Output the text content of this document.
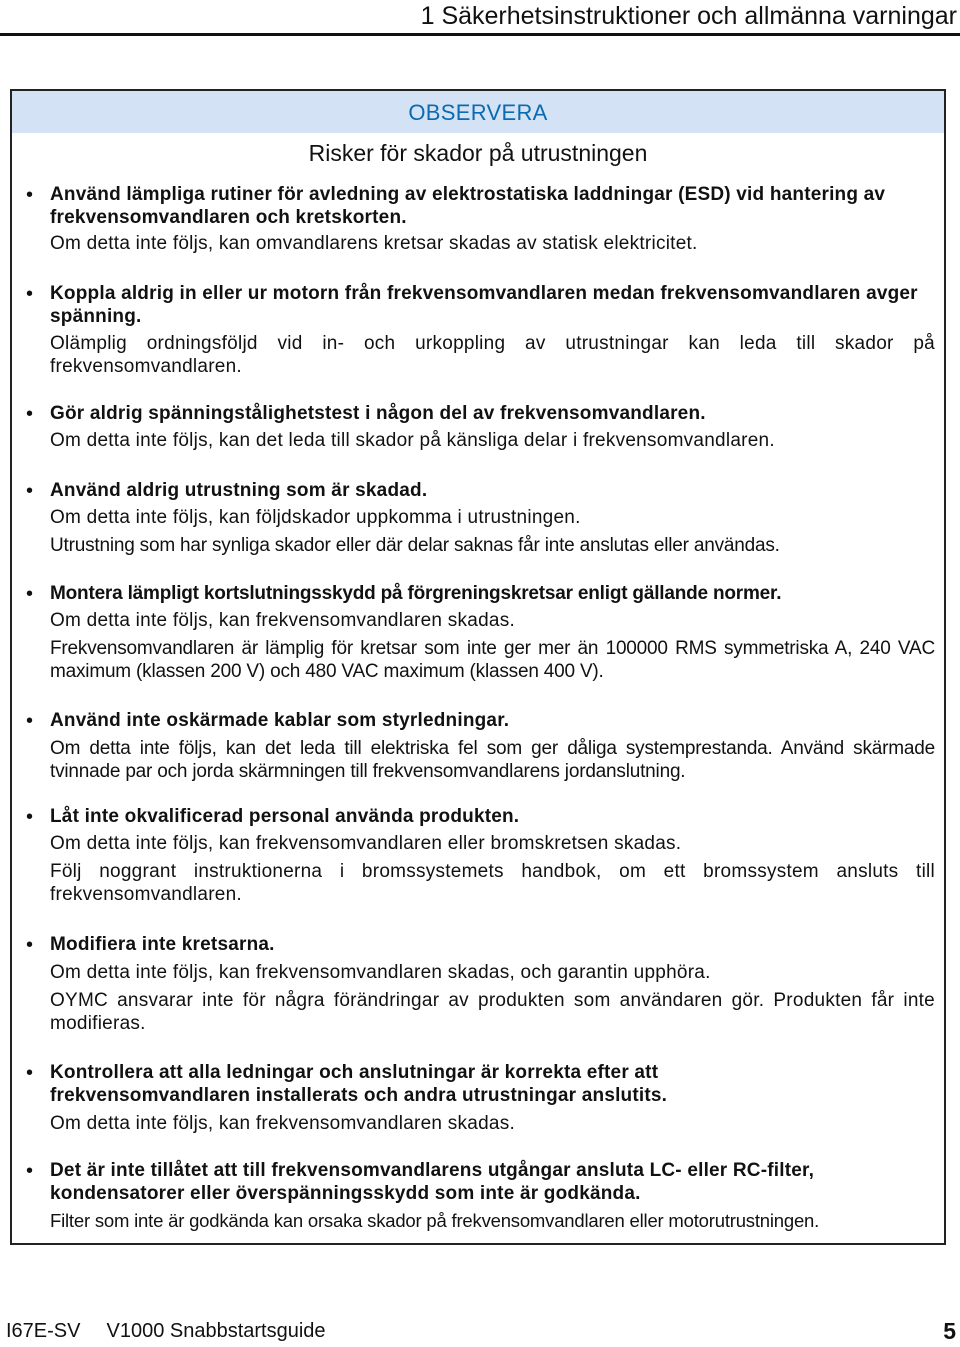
1 Säkerhetsinstruktioner och allmänna varningar
OBSERVERA
Risker för skador på utrustningen
• Använd lämpliga rutiner för avledning av elektrostatiska laddningar (ESD) vid hantering av frekvensomvandlaren och kretskorten.
Om detta inte följs, kan omvandlarens kretsar skadas av statisk elektricitet.
• Koppla aldrig in eller ur motorn från frekvensomvandlaren medan frekvensomvandlaren avger spänning.
Olämplig ordningsföljd vid in- och urkoppling av utrustningar kan leda till skador på frekvensomvandlaren.
• Gör aldrig spänningstålighetstest i någon del av frekvensomvandlaren.
Om detta inte följs, kan det leda till skador på känsliga delar i frekvensomvandlaren.
• Använd aldrig utrustning som är skadad.
Om detta inte följs, kan följdskador uppkomma i utrustningen.
Utrustning som har synliga skador eller där delar saknas får inte anslutas eller användas.
• Montera lämpligt kortslutningsskydd på förgreningskretsar enligt gällande normer.
Om detta inte följs, kan frekvensomvandlaren skadas.
Frekvensomvandlaren är lämplig för kretsar som inte ger mer än 100000 RMS symmetriska A, 240 VAC maximum (klassen 200 V) och 480 VAC maximum (klassen 400 V).
• Använd inte oskärmade kablar som styrledningar.
Om detta inte följs, kan det leda till elektriska fel som ger dåliga systemprestanda. Använd skärmade tvinnade par och jorda skärmningen till frekvensomvandlarens jordanslutning.
• Låt inte okvalificerad personal använda produkten.
Om detta inte följs, kan frekvensomvandlaren eller bromskretsen skadas.
Följ noggrant instruktionerna i bromssystemets handbok, om ett bromssystem ansluts till frekvensomvandlaren.
• Modifiera inte kretsarna.
Om detta inte följs, kan frekvensomvandlaren skadas, och garantin upphöra.
OYMC ansvarar inte för några förändringar av produkten som användaren gör. Produkten får inte modifieras.
• Kontrollera att alla ledningar och anslutningar är korrekta efter att frekvensomvandlaren installerats och andra utrustningar anslutits.
Om detta inte följs, kan frekvensomvandlaren skadas.
• Det är inte tillåtet att till frekvensomvandlarens utgångar ansluta LC- eller RC-filter, kondensatorer eller överspänningsskydd som inte är godkända.
Filter som inte är godkända kan orsaka skador på frekvensomvandlaren eller motorutrustningen.
I67E-SV V1000 Snabbstartsguide	5
